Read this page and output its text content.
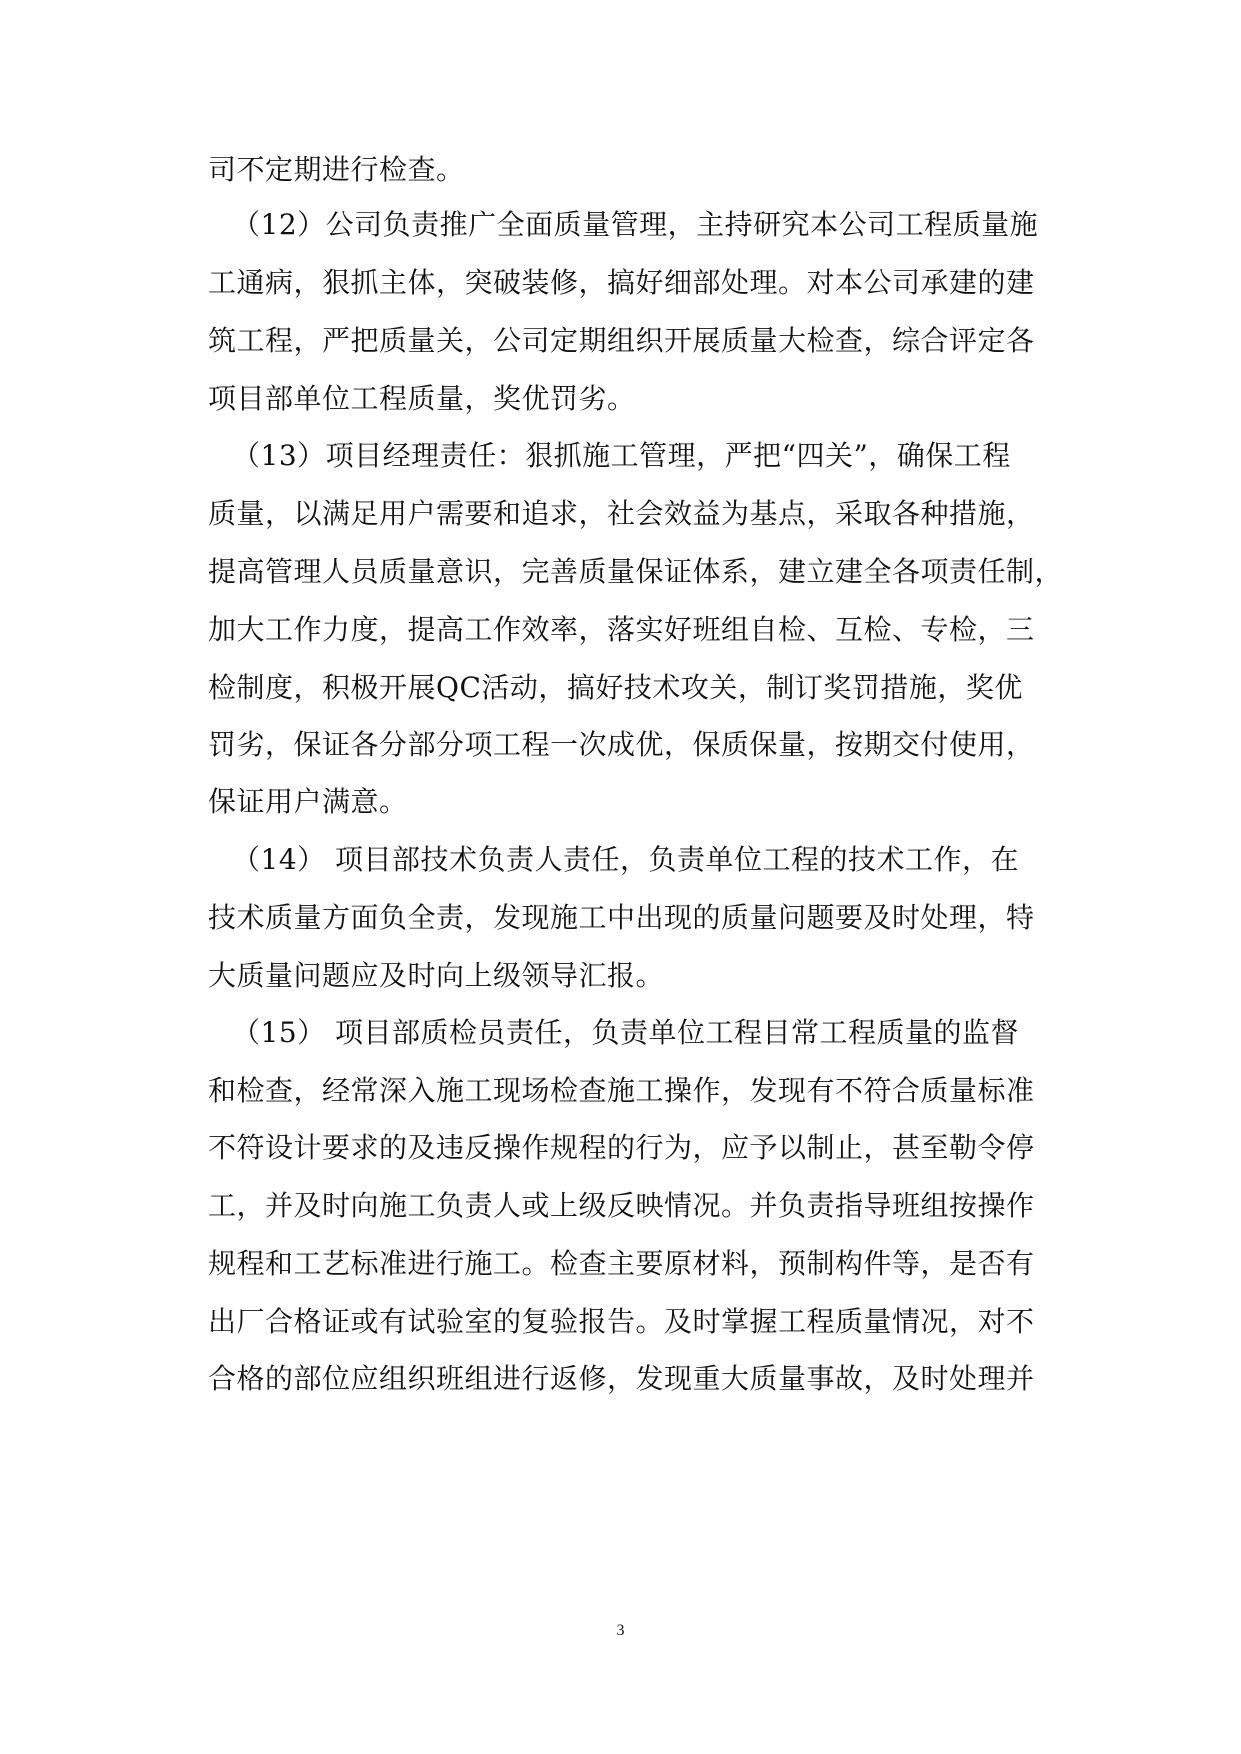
司不定期进行检查。
（12）公司负责推广全面质量管理，主持研究本公司工程质量施
工通病，狠抓主体，突破装修，搞好细部处理。对本公司承建的建
筑工程，严把质量关，公司定期组织开展质量大检查，综合评定各
项目部单位工程质量，奖优罚劣。
（13）项目经理责任：狠抓施工管理，严把“四关”，确保工程
质量，以满足用户需要和追求，社会效益为基点，采取各种措施，
提高管理人员质量意识，完善质量保证体系，建立建全各项责任制，
加大工作力度，提高工作效率，落实好班组自检、互检、专检，三
检制度，积极开展QC活动，搞好技术攻关，制订奖罚措施，奖优
罚劣，保证各分部分项工程一次成优，保质保量，按期交付使用，
保证用户满意。
（14） 项目部技术负责人责任，负责单位工程的技术工作，在
技术质量方面负全责，发现施工中出现的质量问题要及时处理，特
大质量问题应及时向上级领导汇报。
（15） 项目部质检员责任，负责单位工程目常工程质量的监督
和检查，经常深入施工现场检查施工操作，发现有不符合质量标准
不符设计要求的及违反操作规程的行为，应予以制止，甚至勒令停
工，并及时向施工负责人或上级反映情况。并负责指导班组按操作
规程和工艺标准进行施工。检查主要原材料，预制构件等，是否有
出厂合格证或有试验室的复验报告。及时掌握工程质量情况，对不
合格的部位应组织班组进行返修，发现重大质量事故，及时处理并
3
